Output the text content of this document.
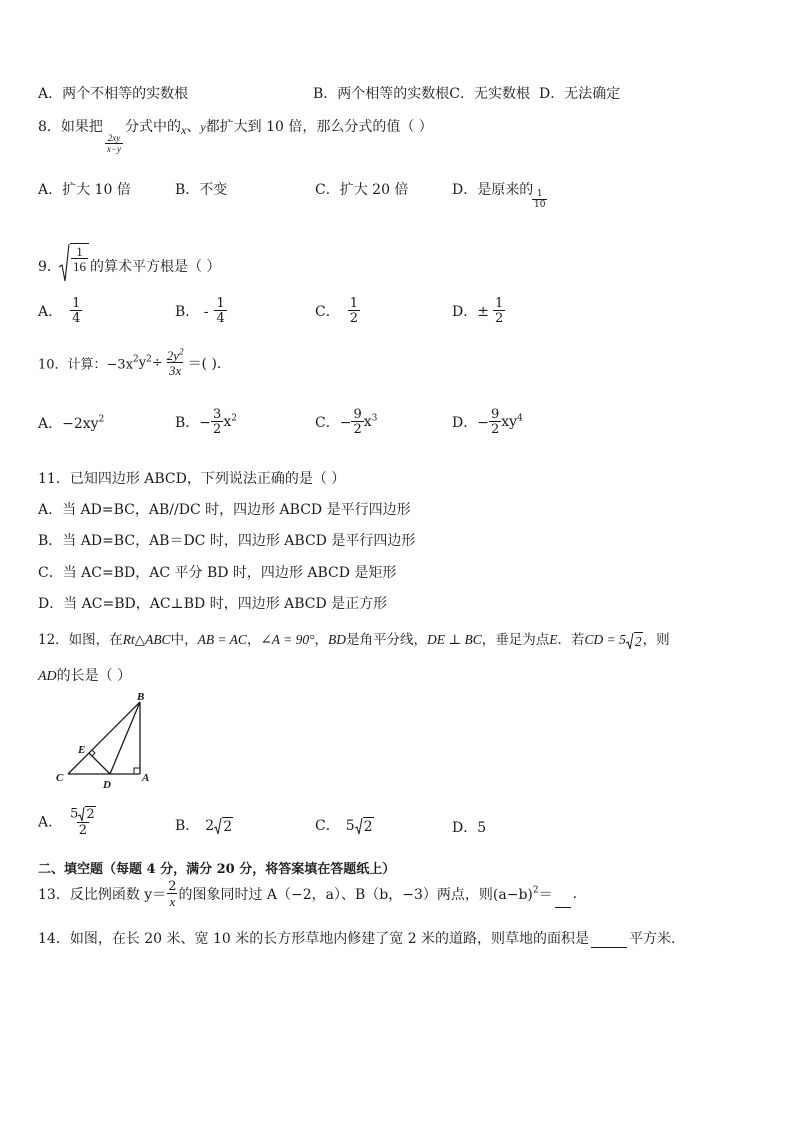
A．两个不相等的实数根	B．两个相等的实数根C．无实数根 D．无法确定
8．如果把
$\frac{2xy}{x-y}$
分式中的x、y都扩大到 10 倍，那么分式的值（ ）
A．扩大 10 倍	B．不变	C．扩大 20 倍	D．是原来的
$\frac{1}{10}$
9． $\frac{1}{16}$ 的算术平方根是（ ）
A． $\frac{1}{4}$	B． - $\frac{1}{4}$	C． $\frac{1}{2}$	D．± $\frac{1}{2}$
10．计算：$-3x^2y^2\div \frac{2y^2}{3x}$ ＝( ).
A．$-2xy^2$	B．− $\frac{3}{2} x^2$	C．− $\frac{9}{2} x^3$	D．− $\frac{9}{2} xy^4$
11．已知四边形 ABCD，下列说法正确的是（ ）
A．当 AD=BC，AB//DC 时，四边形 ABCD 是平行四边形
B．当 AD=BC，AB＝DC 时，四边形 ABCD 是平行四边形
C．当 AC=BD，AC 平分 BD 时，四边形 ABCD 是矩形
D．当 AC=BD，AC⊥BD 时，四边形 ABCD 是正方形
12．如图，在Rt△ABC中，AB = AC，∠A = 90°，BD是角平分线，DE ⊥ BC，垂足为点E．若CD = 5 2 ，则
AD的长是（ ）
B
E
C
D
A
A． $\frac{5 2}{2}$	B． 2 2	C． 5 2	D．5
二、填空题（每题 4 分，满分 20 分，将答案填在答题纸上）
13．反比例函数 $y= \frac{2}{x}$ 的图象同时过 A（−2，a）、B（b，−3）两点，则$(a-b)^2=$ .
14．如图，在长 20 米、宽 10 米的长方形草地内修建了宽 2 米的道路，则草地的面积是	平方米.
